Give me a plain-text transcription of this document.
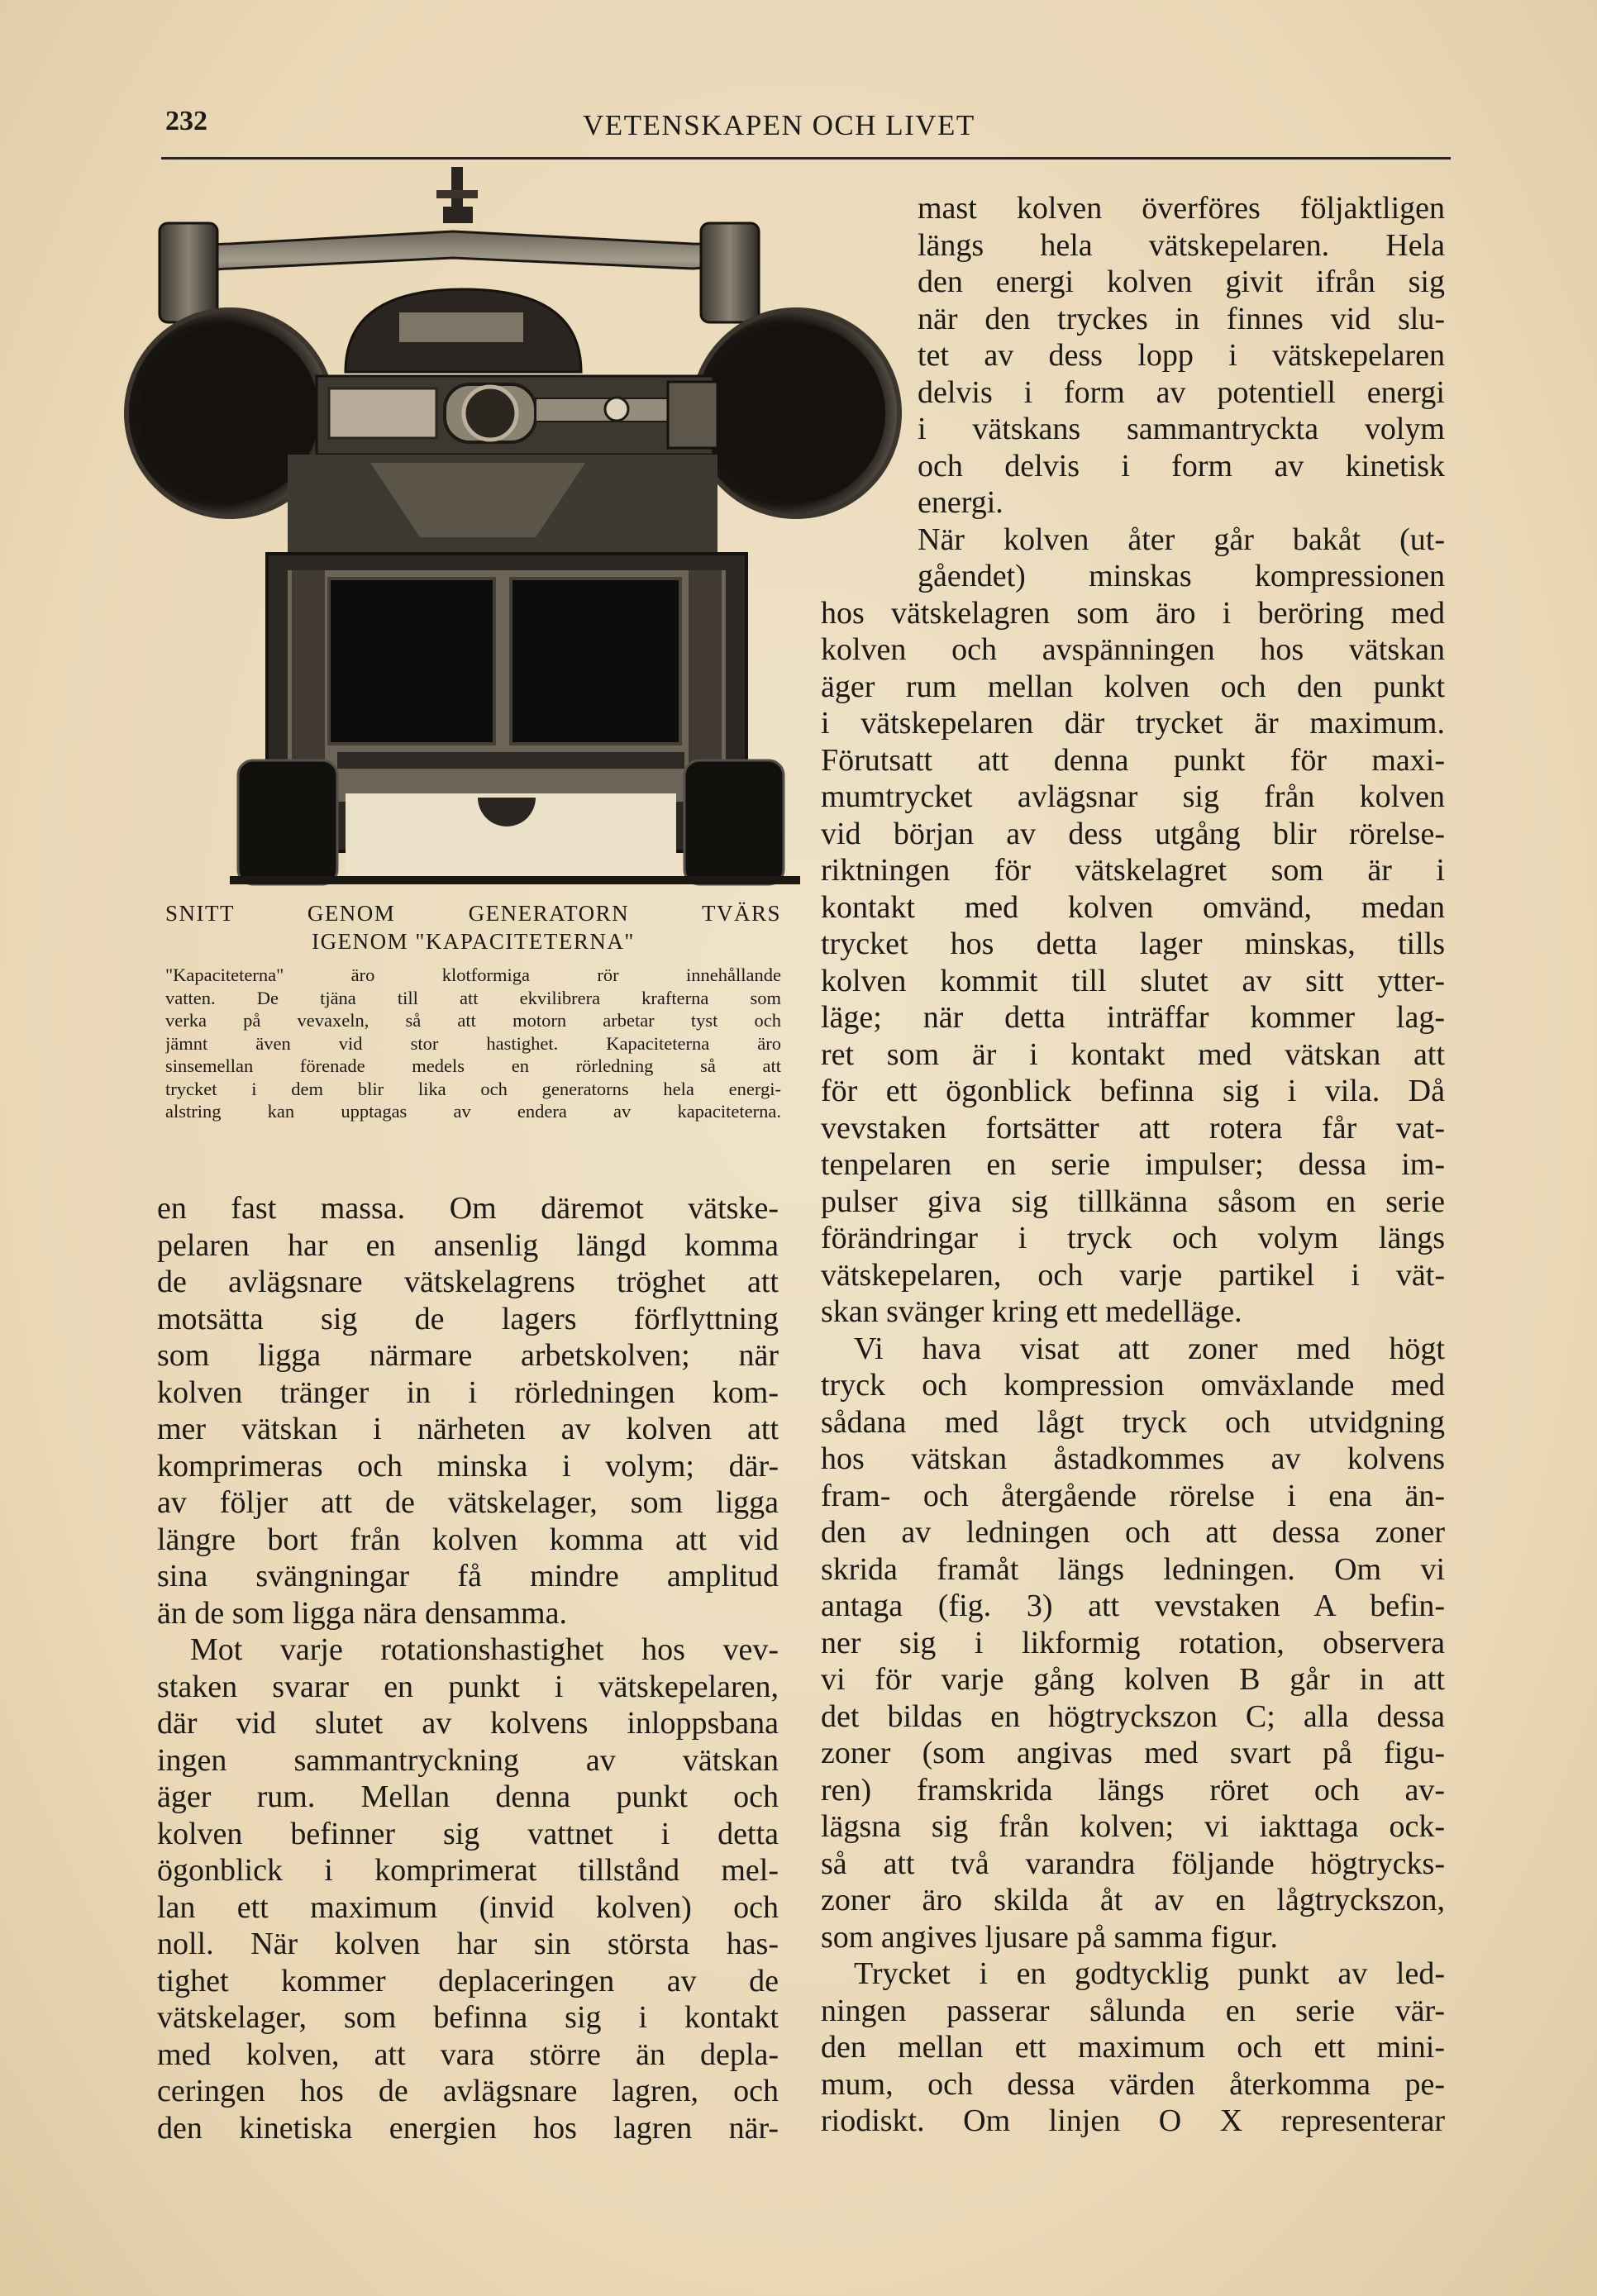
232	VETENSKAPEN OCH LIVET
SNITT GENOM GENERATORN TVÄRS
IGENOM "KAPACITETERNA"
"Kapaciteterna" äro klotformiga rör innehållande
vatten. De tjäna till att ekvilibrera krafterna som
verka på vevaxeln, så att motorn arbetar tyst och
jämnt även vid stor hastighet. Kapaciteterna äro
sinsemellan förenade medels en rörledning så att
trycket i dem blir lika och generatorns hela energi-
alstring kan upptagas av endera av kapaciteterna.
en fast massa. Om däremot vätske-
pelaren har en ansenlig längd komma
de avlägsnare vätskelagrens tröghet att
motsätta sig de lagers förflyttning
som ligga närmare arbetskolven; när
kolven tränger in i rörledningen kom-
mer vätskan i närheten av kolven att
komprimeras och minska i volym; där-
av följer att de vätskelager, som ligga
längre bort från kolven komma att vid
sina svängningar få mindre amplitud
än de som ligga nära densamma.
Mot varje rotationshastighet hos vev-
staken svarar en punkt i vätskepelaren,
där vid slutet av kolvens inloppsbana
ingen sammantryckning av vätskan
äger rum. Mellan denna punkt och
kolven befinner sig vattnet i detta
ögonblick i komprimerat tillstånd mel-
lan ett maximum (invid kolven) och
noll. När kolven har sin största has-
tighet kommer deplaceringen av de
vätskelager, som befinna sig i kontakt
med kolven, att vara större än depla-
ceringen hos de avlägsnare lagren, och
den kinetiska energien hos lagren när-
mast kolven överföres följaktligen
längs hela vätskepelaren. Hela
den energi kolven givit ifrån sig
när den tryckes in finnes vid slu-
tet av dess lopp i vätskepelaren
delvis i form av potentiell energi
i vätskans sammantryckta volym
och delvis i form av kinetisk
energi.
När kolven åter går bakåt (ut-
gåendet) minskas kompressionen
hos vätskelagren som äro i beröring med
kolven och avspänningen hos vätskan
äger rum mellan kolven och den punkt
i vätskepelaren där trycket är maximum.
Förutsatt att denna punkt för maxi-
mumtrycket avlägsnar sig från kolven
vid början av dess utgång blir rörelse-
riktningen för vätskelagret som är i
kontakt med kolven omvänd, medan
trycket hos detta lager minskas, tills
kolven kommit till slutet av sitt ytter-
läge; när detta inträffar kommer lag-
ret som är i kontakt med vätskan att
för ett ögonblick befinna sig i vila. Då
vevstaken fortsätter att rotera får vat-
tenpelaren en serie impulser; dessa im-
pulser giva sig tillkänna såsom en serie
förändringar i tryck och volym längs
vätskepelaren, och varje partikel i vät-
skan svänger kring ett medelläge.
Vi hava visat att zoner med högt
tryck och kompression omväxlande med
sådana med lågt tryck och utvidgning
hos vätskan åstadkommes av kolvens
fram- och återgående rörelse i ena än-
den av ledningen och att dessa zoner
skrida framåt längs ledningen. Om vi
antaga (fig. 3) att vevstaken A befin-
ner sig i likformig rotation, observera
vi för varje gång kolven B går in att
det bildas en högtryckszon C; alla dessa
zoner (som angivas med svart på figu-
ren) framskrida längs röret och av-
lägsna sig från kolven; vi iakttaga ock-
så att två varandra följande högtrycks-
zoner äro skilda åt av en lågtryckszon,
som angives ljusare på samma figur.
Trycket i en godtycklig punkt av led-
ningen passerar sålunda en serie vär-
den mellan ett maximum och ett mini-
mum, och dessa värden återkomma pe-
riodiskt. Om linjen O X representerar
